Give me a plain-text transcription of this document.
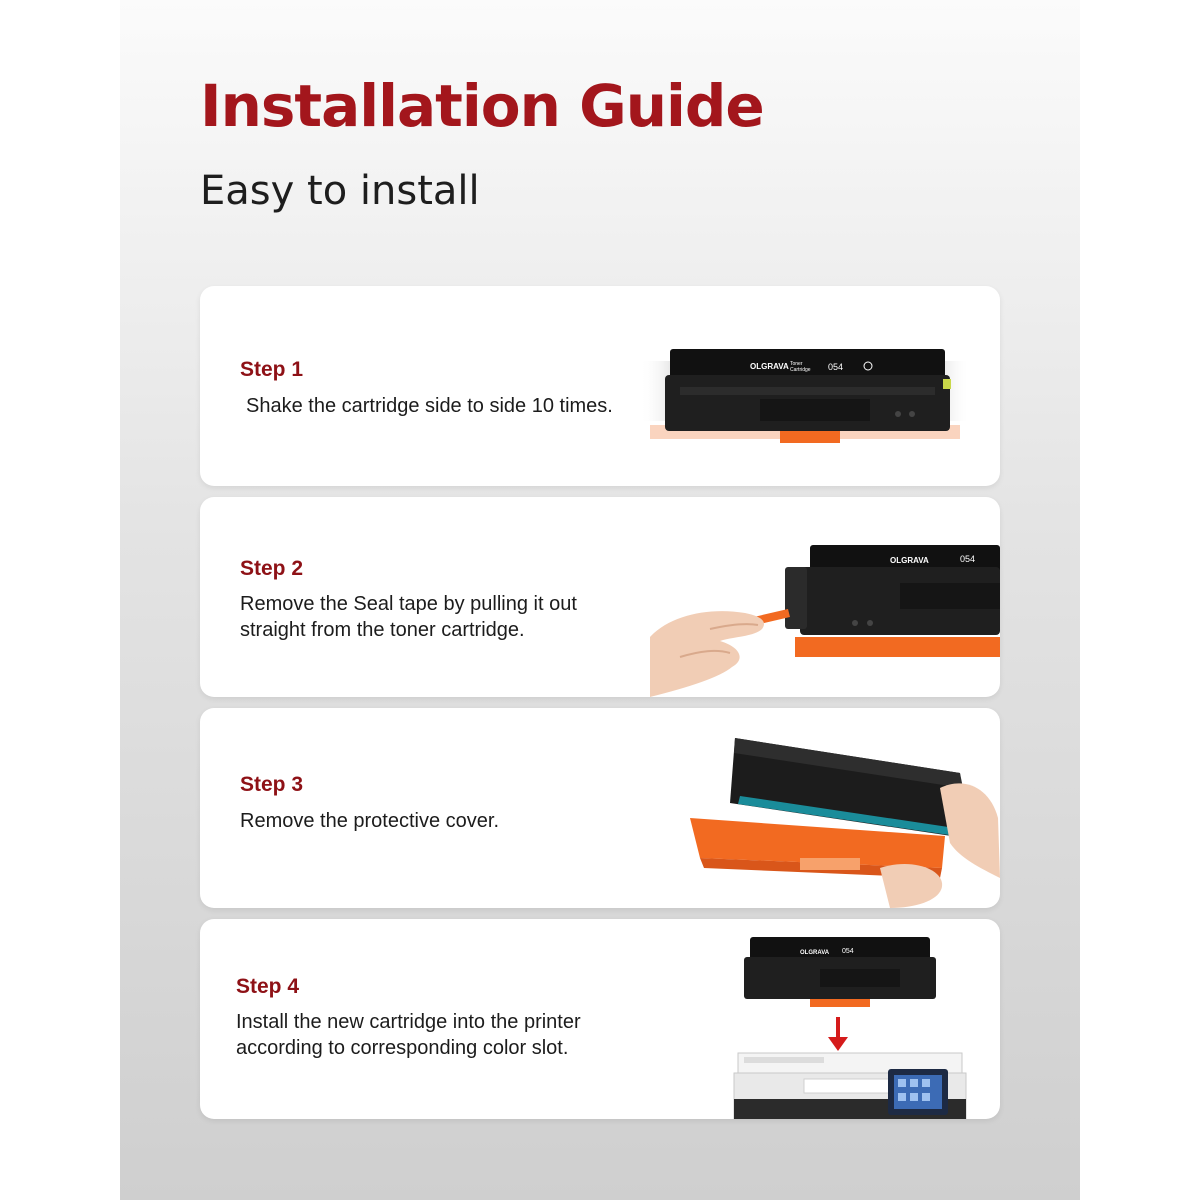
Installation Guide
Easy to install
Step 1
Shake the cartridge side to side 10 times.
OLGRAVA Toner
Cartridge 054
Step 2
Remove the Seal tape by pulling it out
straight from the toner cartridge.
OLGRAVA	054
Step 3
Remove the protective cover.
Step 4
Install the new cartridge into the printer
according to corresponding color slot.
OLGRAVA 054
